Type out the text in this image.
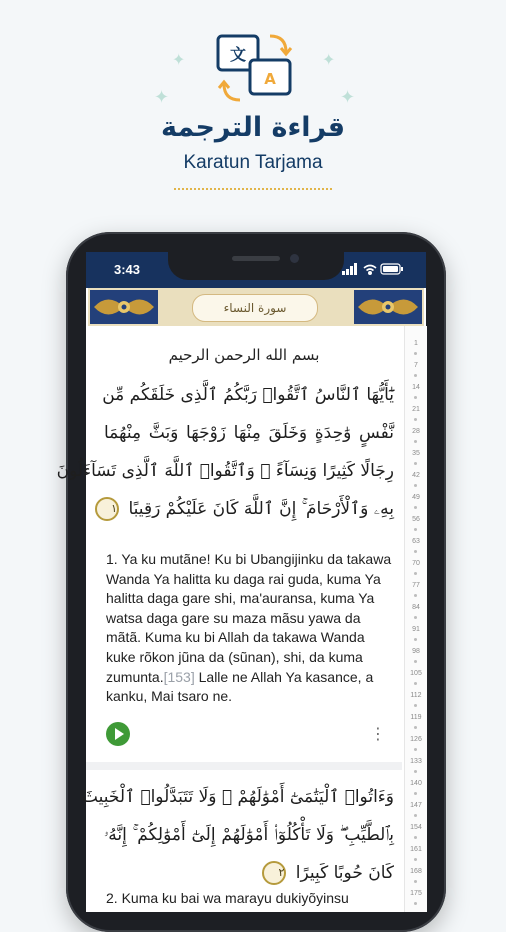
文
A
✦
✦
✦
✦
قراءة الترجمة
Karatun Tarjama
3:43
سورة النساء
بسم الله الرحمن الرحيم
يَٰٓأَيُّهَا ٱلنَّاسُ ٱتَّقُوا۟ رَبَّكُمُ ٱلَّذِى خَلَقَكُم مِّن
نَّفْسٍ وَٰحِدَةٍ وَخَلَقَ مِنْهَا زَوْجَهَا وَبَثَّ مِنْهُمَا
رِجَالًا كَثِيرًا وَنِسَآءً ۚ وَٱتَّقُوا۟ ٱللَّهَ ٱلَّذِى تَسَآءَلُونَ
بِهِۦ وَٱلْأَرْحَامَ ۚ إِنَّ ٱللَّهَ كَانَ عَلَيْكُمْ رَقِيبًا ١
1. Ya ku mutãne! Ku bi Ubangijinku da takawa Wanda Ya halitta ku daga rai guda, kuma Ya halitta daga gare shi, ma'auransa, kuma Ya watsa daga gare su maza mãsu yawa da mãtã. Kuma ku bi Allah da takawa Wanda kuke rõkon jũna da (sũnan), shi, da kuma zumunta.[153] Lalle ne Allah Ya kasance, a kanku, Mai tsaro ne.
⋮
وَءَاتُوا۟ ٱلْيَتَٰمَىٰٓ أَمْوَٰلَهُمْ ۖ وَلَا تَتَبَدَّلُوا۟ ٱلْخَبِيثَ
بِٱلطَّيِّبِ ۖ وَلَا تَأْكُلُوٓا۟ أَمْوَٰلَهُمْ إِلَىٰٓ أَمْوَٰلِكُمْ ۚ إِنَّهُۥ
كَانَ حُوبًا كَبِيرًا ٢
2. Kuma ku bai wa marayu dukiyõyinsu
1
7
14
21
28
35
42
49
56
63
70
77
84
91
98
105
112
119
126
133
140
147
154
161
168
175
